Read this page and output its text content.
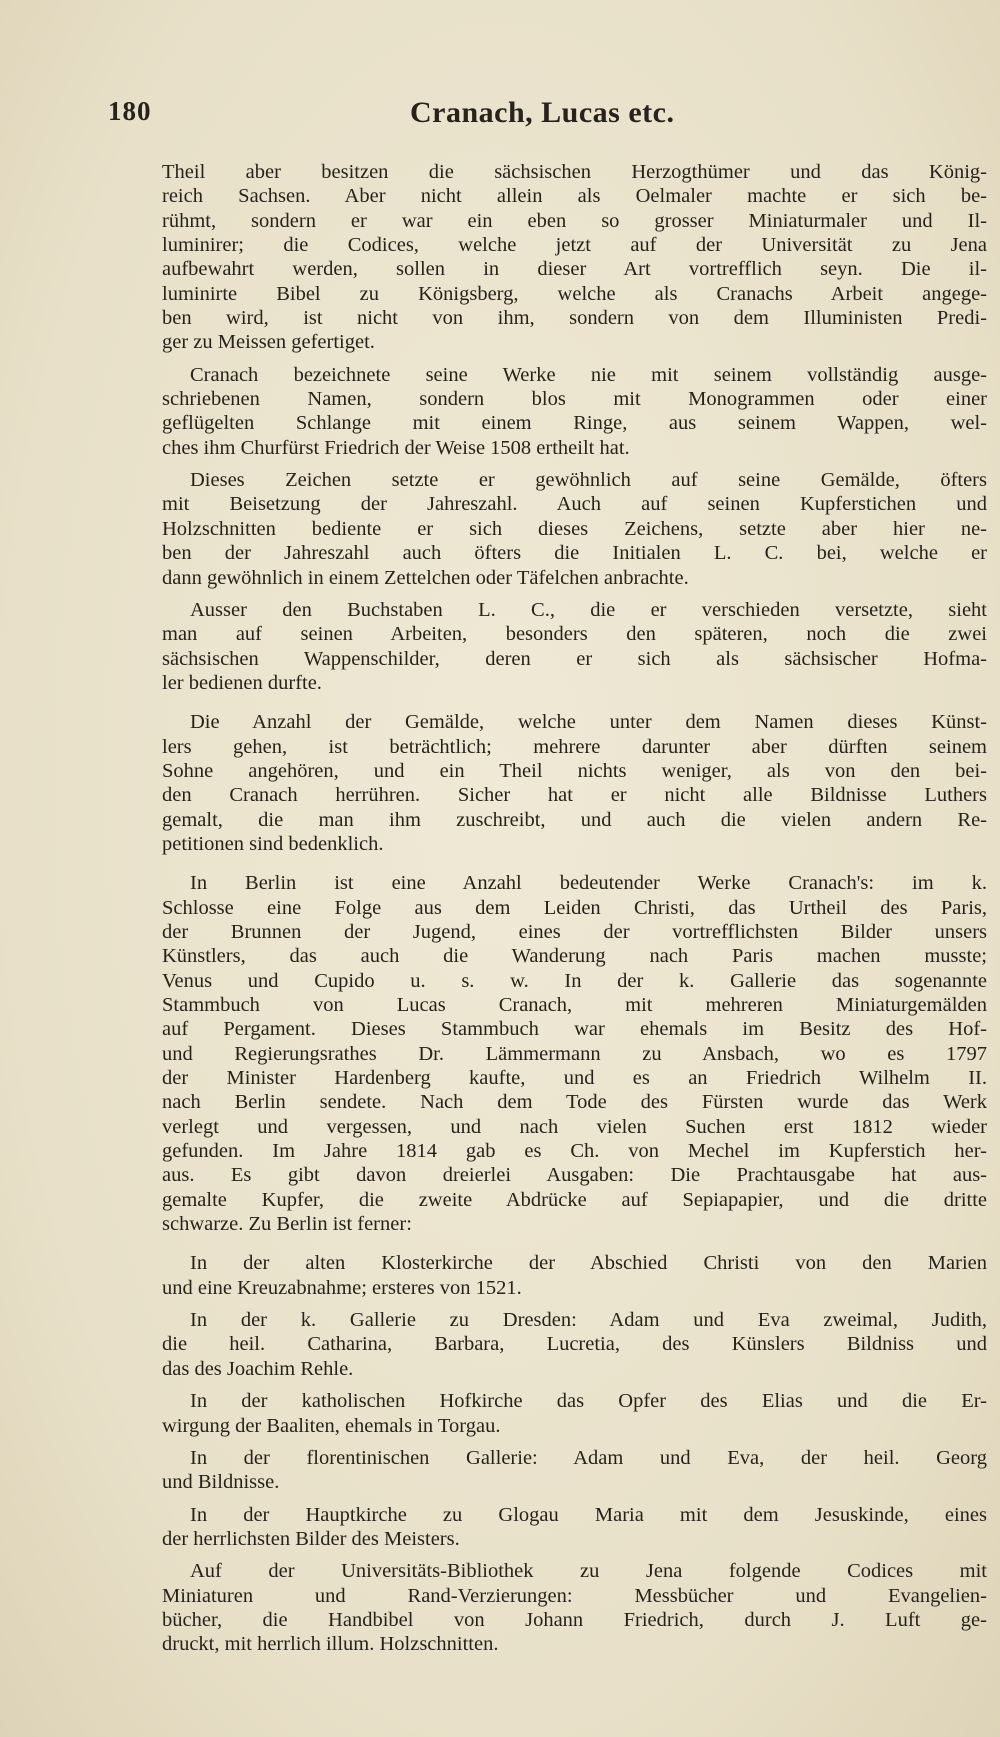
180	Cranach, Lucas etc.
Theil aber besitzen die sächsischen Herzogthümer und das König-
reich Sachsen. Aber nicht allein als Oelmaler machte er sich be-
rühmt, sondern er war ein eben so grosser Miniaturmaler und Il-
luminirer; die Codices, welche jetzt auf der Universität zu Jena
aufbewahrt werden, sollen in dieser Art vortrefflich seyn. Die il-
luminirte Bibel zu Königsberg, welche als Cranachs Arbeit angege-
ben wird, ist nicht von ihm, sondern von dem Illuministen Predi-
ger zu Meissen gefertiget.
Cranach bezeichnete seine Werke nie mit seinem vollständig ausge-
schriebenen Namen, sondern blos mit Monogrammen oder einer
geflügelten Schlange mit einem Ringe, aus seinem Wappen, wel-
ches ihm Churfürst Friedrich der Weise 1508 ertheilt hat.
Dieses Zeichen setzte er gewöhnlich auf seine Gemälde, öfters
mit Beisetzung der Jahreszahl. Auch auf seinen Kupferstichen und
Holzschnitten bediente er sich dieses Zeichens, setzte aber hier ne-
ben der Jahreszahl auch öfters die Initialen L. C. bei, welche er
dann gewöhnlich in einem Zettelchen oder Täfelchen anbrachte.
Ausser den Buchstaben L. C., die er verschieden versetzte, sieht
man auf seinen Arbeiten, besonders den späteren, noch die zwei
sächsischen Wappenschilder, deren er sich als sächsischer Hofma-
ler bedienen durfte.
Die Anzahl der Gemälde, welche unter dem Namen dieses Künst-
lers gehen, ist beträchtlich; mehrere darunter aber dürften seinem
Sohne angehören, und ein Theil nichts weniger, als von den bei-
den Cranach herrühren. Sicher hat er nicht alle Bildnisse Luthers
gemalt, die man ihm zuschreibt, und auch die vielen andern Re-
petitionen sind bedenklich.
In Berlin ist eine Anzahl bedeutender Werke Cranach's: im k.
Schlosse eine Folge aus dem Leiden Christi, das Urtheil des Paris,
der Brunnen der Jugend, eines der vortrefflichsten Bilder unsers
Künstlers, das auch die Wanderung nach Paris machen musste;
Venus und Cupido u. s. w. In der k. Gallerie das sogenannte
Stammbuch von Lucas Cranach, mit mehreren Miniaturgemälden
auf Pergament. Dieses Stammbuch war ehemals im Besitz des Hof-
und Regierungsrathes Dr. Lämmermann zu Ansbach, wo es 1797
der Minister Hardenberg kaufte, und es an Friedrich Wilhelm II.
nach Berlin sendete. Nach dem Tode des Fürsten wurde das Werk
verlegt und vergessen, und nach vielen Suchen erst 1812 wieder
gefunden. Im Jahre 1814 gab es Ch. von Mechel im Kupferstich her-
aus. Es gibt davon dreierlei Ausgaben: Die Prachtausgabe hat aus-
gemalte Kupfer, die zweite Abdrücke auf Sepiapapier, und die dritte
schwarze. Zu Berlin ist ferner:
In der alten Klosterkirche der Abschied Christi von den Marien
und eine Kreuzabnahme; ersteres von 1521.
In der k. Gallerie zu Dresden: Adam und Eva zweimal, Judith,
die heil. Catharina, Barbara, Lucretia, des Künslers Bildniss und
das des Joachim Rehle.
In der katholischen Hofkirche das Opfer des Elias und die Er-
wirgung der Baaliten, ehemals in Torgau.
In der florentinischen Gallerie: Adam und Eva, der heil. Georg
und Bildnisse.
In der Hauptkirche zu Glogau Maria mit dem Jesuskinde, eines
der herrlichsten Bilder des Meisters.
Auf der Universitäts-Bibliothek zu Jena folgende Codices mit
Miniaturen und Rand-Verzierungen: Messbücher und Evangelien-
bücher, die Handbibel von Johann Friedrich, durch J. Luft ge-
druckt, mit herrlich illum. Holzschnitten.
